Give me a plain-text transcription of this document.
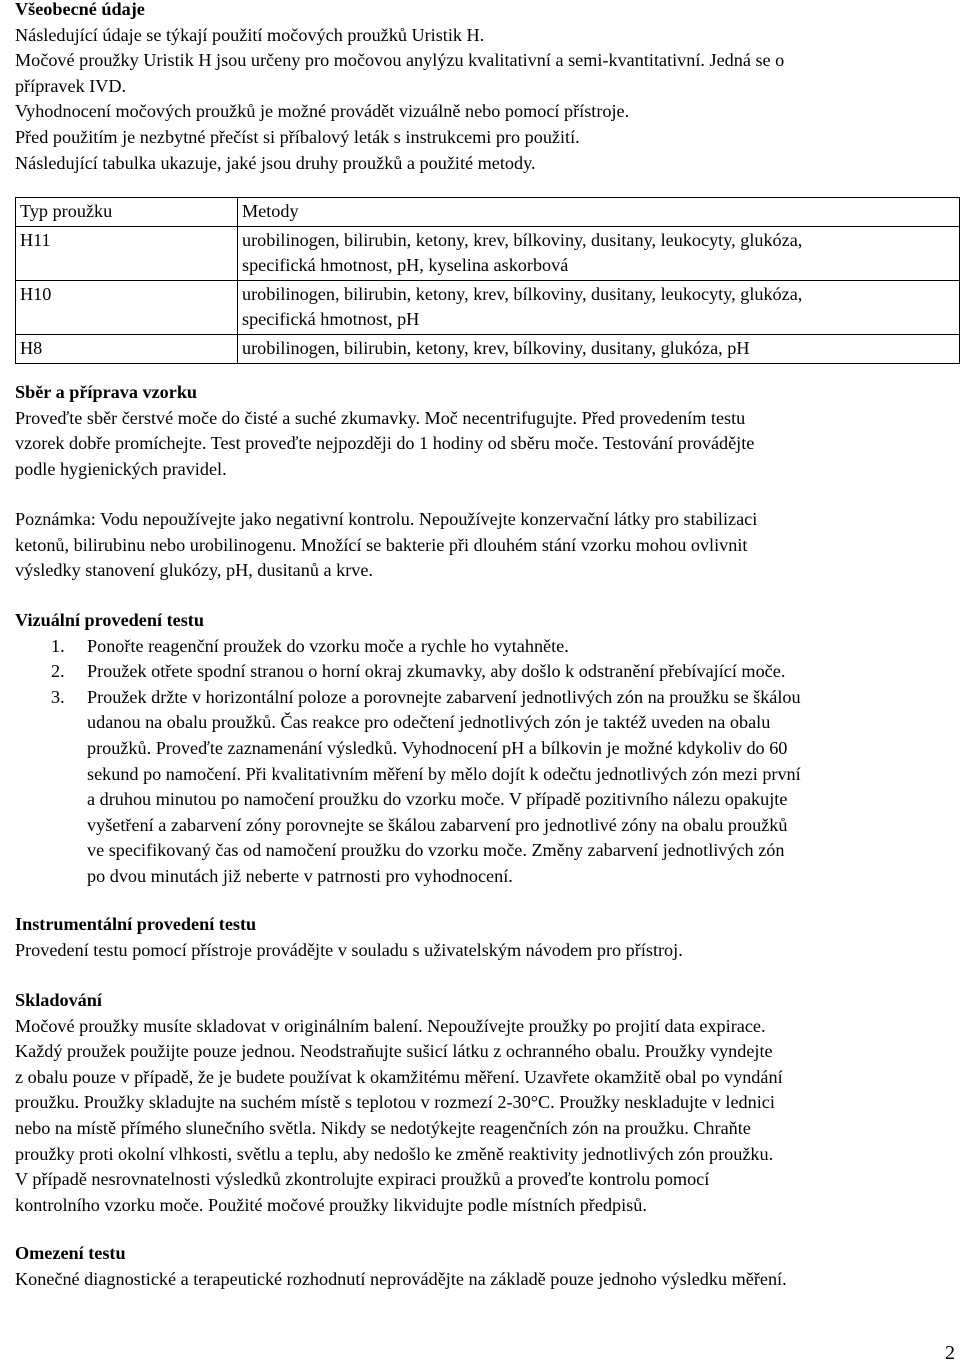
Všeobecné údaje
Následující údaje se týkají použití močových proužků Uristik H.
Močové proužky Uristik H jsou určeny pro močovou anylýzu kvalitativní a semi-kvantitativní. Jedná se o
přípravek IVD.
Vyhodnocení močových proužků je možné provádět vizuálně nebo pomocí přístroje.
Před použitím je nezbytné přečíst si příbalový leták s instrukcemi pro použití.
Následující tabulka ukazuje, jaké jsou druhy proužků a použité metody.
Typ proužku	Metody
H11	urobilinogen, bilirubin, ketony, krev, bílkoviny, dusitany, leukocyty, glukóza,
specifická hmotnost, pH, kyselina askorbová

H10	urobilinogen, bilirubin, ketony, krev, bílkoviny, dusitany, leukocyty, glukóza,
specifická hmotnost, pH

H8	urobilinogen, bilirubin, ketony, krev, bílkoviny, dusitany, glukóza, pH
Sběr a příprava vzorku
Proveďte sběr čerstvé moče do čisté a suché zkumavky. Moč necentrifugujte. Před provedením testu
vzorek dobře promíchejte. Test proveďte nejpozději do 1 hodiny od sběru moče. Testování provádějte
podle hygienických pravidel.
Poznámka: Vodu nepoužívejte jako negativní kontrolu. Nepoužívejte konzervační látky pro stabilizaci
ketonů, bilirubinu nebo urobilinogenu. Množící se bakterie při dlouhém stání vzorku mohou ovlivnit
výsledky stanovení glukózy, pH, dusitanů a krve.
Vizuální provedení testu
1. Ponořte reagenční proužek do vzorku moče a rychle ho vytahněte.
2. Proužek otřete spodní stranou o horní okraj zkumavky, aby došlo k odstranění přebívající moče.
3. Proužek držte v horizontální poloze a porovnejte zabarvení jednotlivých zón na proužku se škálou
udanou na obalu proužků. Čas reakce pro odečtení jednotlivých zón je taktéž uveden na obalu
proužků. Proveďte zaznamenání výsledků. Vyhodnocení pH a bílkovin je možné kdykoliv do 60
sekund po namočení. Při kvalitativním měření by mělo dojít k odečtu jednotlivých zón mezi první
a druhou minutou po namočení proužku do vzorku moče. V případě pozitivního nálezu opakujte
vyšetření a zabarvení zóny porovnejte se škálou zabarvení pro jednotlivé zóny na obalu proužků
ve specifikovaný čas od namočení proužku do vzorku moče. Změny zabarvení jednotlivých zón
po dvou minutách již neberte v patrnosti pro vyhodnocení.
Instrumentální provedení testu
Provedení testu pomocí přístroje provádějte v souladu s uživatelským návodem pro přístroj.
Skladování
Močové proužky musíte skladovat v originálním balení. Nepoužívejte proužky po projití data expirace.
Každý proužek použijte pouze jednou. Neodstraňujte sušicí látku z ochranného obalu. Proužky vyndejte
z obalu pouze v případě, že je budete používat k okamžitému měření. Uzavřete okamžitě obal po vyndání
proužku. Proužky skladujte na suchém místě s teplotou v rozmezí 2-30°C. Proužky neskladujte v lednici
nebo na místě přímého slunečního světla. Nikdy se nedotýkejte reagenčních zón na proužku. Chraňte
proužky proti okolní vlhkosti, světlu a teplu, aby nedošlo ke změně reaktivity jednotlivých zón proužku.
V případě nesrovnatelnosti výsledků zkontrolujte expiraci proužků a proveďte kontrolu pomocí
kontrolního vzorku moče. Použité močové proužky likvidujte podle místních předpisů.
Omezení testu
Konečné diagnostické a terapeutické rozhodnutí neprovádějte na základě pouze jednoho výsledku měření.
2
